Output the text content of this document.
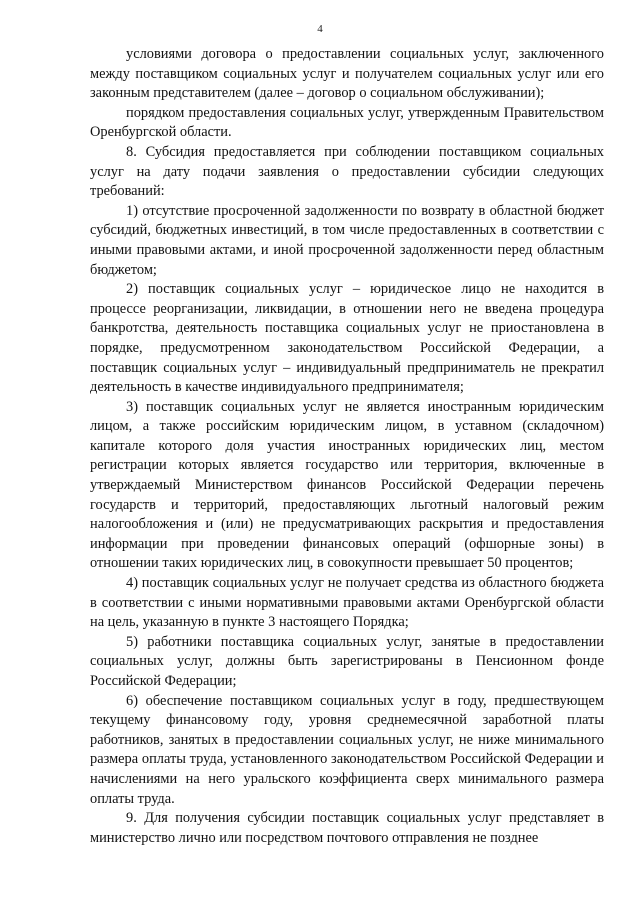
4

условиями договора о предоставлении социальных услуг, заключенного между поставщиком социальных услуг и получателем социальных услуг или его законным представителем (далее – договор о социальном обслуживании);

порядком предоставления социальных услуг, утвержденным Правительством Оренбургской области.

8. Субсидия предоставляется при соблюдении поставщиком социальных услуг на дату подачи заявления о предоставлении субсидии следующих требований:

1) отсутствие просроченной задолженности по возврату в областной бюджет субсидий, бюджетных инвестиций, в том числе предоставленных в соответствии с иными правовыми актами, и иной просроченной задолженности перед областным бюджетом;

2) поставщик социальных услуг – юридическое лицо не находится в процессе реорганизации, ликвидации, в отношении него не введена процедура банкротства, деятельность поставщика социальных услуг не приостановлена в порядке, предусмотренном законодательством Российской Федерации, а поставщик социальных услуг – индивидуальный предприниматель не прекратил деятельность в качестве индивидуального предпринимателя;

3) поставщик социальных услуг не является иностранным юридическим лицом, а также российским юридическим лицом, в уставном (складочном) капитале которого доля участия иностранных юридических лиц, местом регистрации которых является государство или территория, включенные в утверждаемый Министерством финансов Российской Федерации перечень государств и территорий, предоставляющих льготный налоговый режим налогообложения и (или) не предусматривающих раскрытия и предоставления информации при проведении финансовых операций (офшорные зоны) в отношении таких юридических лиц, в совокупности превышает 50 процентов;

4) поставщик социальных услуг не получает средства из областного бюджета в соответствии с иными нормативными правовыми актами Оренбургской области на цель, указанную в пункте 3 настоящего Порядка;

5) работники поставщика социальных услуг, занятые в предоставлении социальных услуг, должны быть зарегистрированы в Пенсионном фонде Российской Федерации;

6) обеспечение поставщиком социальных услуг в году, предшествующем текущему финансовому году, уровня среднемесячной заработной платы работников, занятых в предоставлении социальных услуг, не ниже минимального размера оплаты труда, установленного законодательством Российской Федерации и начислениями на него уральского коэффициента сверх минимального размера оплаты труда.

9. Для получения субсидии поставщик социальных услуг представляет в министерство лично или посредством почтового отправления не позднее
